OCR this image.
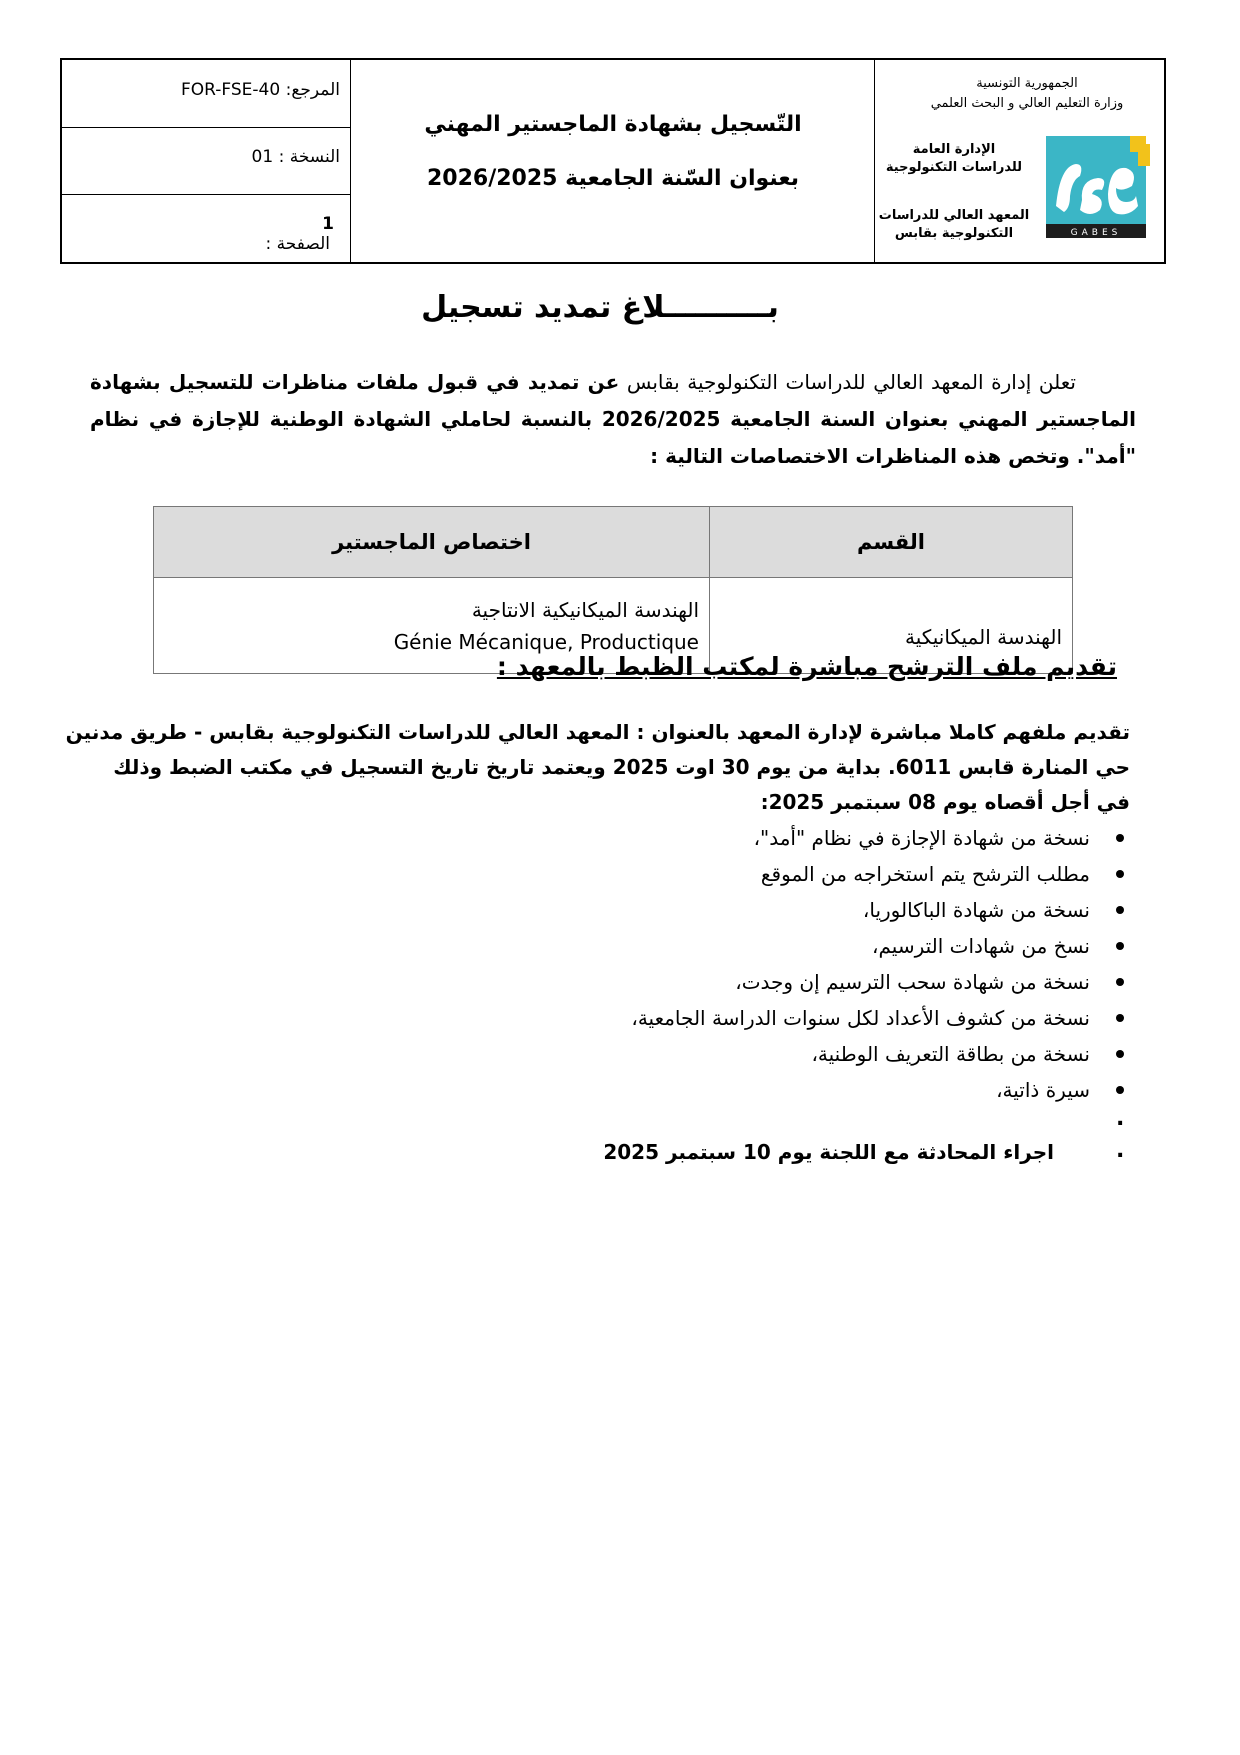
المرجع: FOR-FSE-40
النسخة : 01
الصفحة :
1
التّسجيل بشهادة الماجستير المهني
بعنوان السّنة الجامعية 2026/2025
الجمهورية التونسية
وزارة التعليم العالي و البحث العلمي
الإدارة العامة
للدراسات التكنولوجية
المعهد العالي للدراسات
التكنولوجية بقابس	GABES
بــــــــــلاغ تمديد تسجيل
تعلن إدارة المعهد العالي للدراسات التكنولوجية بقابس عن تمديد في قبول ملفات مناظرات للتسجيل بشهادة الماجستير المهني بعنوان السنة الجامعية 2026/2025 بالنسبة لحاملي الشهادة الوطنية للإجازة في نظام "أمد". وتخص هذه المناظرات الاختصاصات التالية :
القسم	اختصاص الماجستير
الهندسة الميكانيكية	الهندسة الميكانيكية الانتاجية
Génie Mécanique, Productique
تقديم ملف الترشح مباشرة لمكتب الظبط بالمعهد :
تقديم ملفهم كاملا مباشرة لإدارة المعهد بالعنوان : المعهد العالي للدراسات التكنولوجية بقابس - طريق مدنين
حي المنارة قابس 6011. بداية من يوم 30 اوت 2025 ويعتمد تاريخ تاريخ التسجيل في مكتب الضبط وذلك
في أجل أقصاه يوم 08 سبتمبر 2025:
نسخة من شهادة الإجازة في نظام "أمد"،
مطلب الترشح يتم استخراجه من الموقع
نسخة من شهادة الباكالوريا،
نسخ من شهادات الترسيم،
نسخة من شهادة سحب الترسيم إن وجدت،
نسخة من كشوف الأعداد لكل سنوات الدراسة الجامعية،
نسخة من بطاقة التعريف الوطنية،
سيرة ذاتية،
.
.
اجراء المحادثة مع اللجنة يوم 10 سبتمبر 2025
